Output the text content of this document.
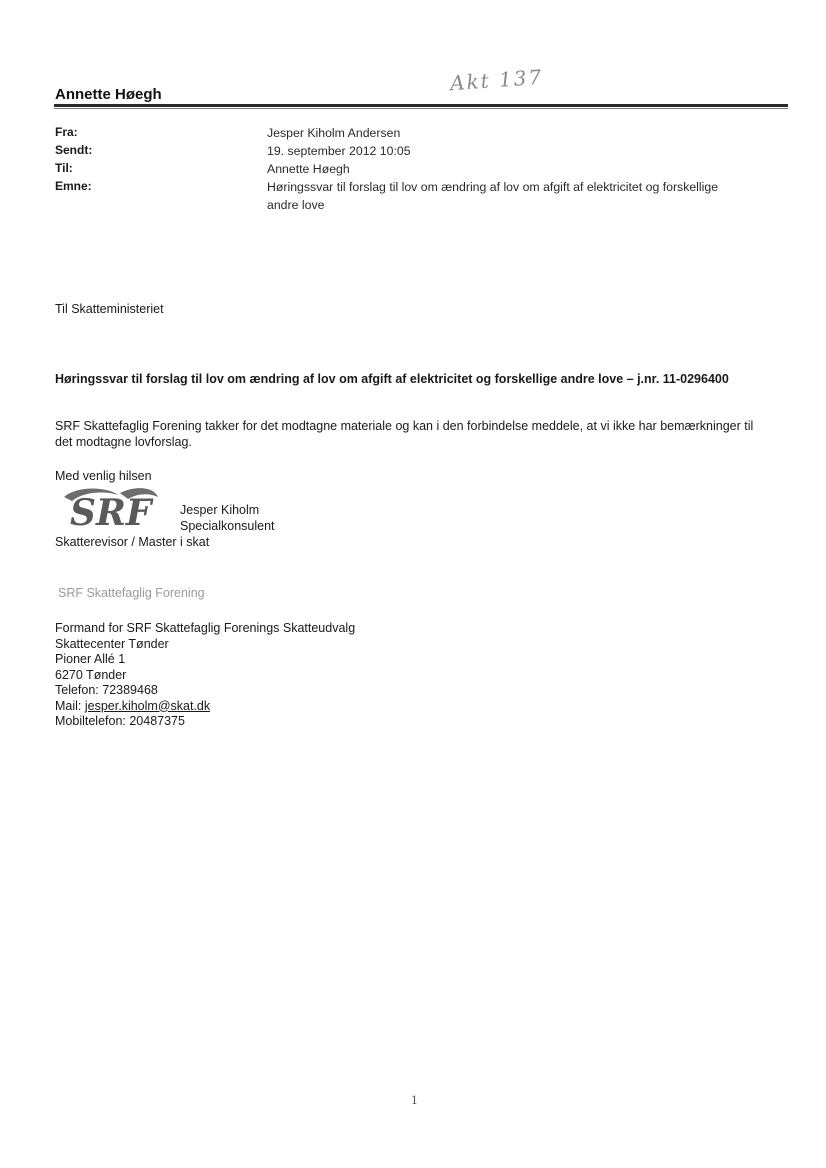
Annette Høegh	Akt 137
Fra:	Jesper Kiholm Andersen
Sendt:	19. september 2012 10:05
Til:	Annette Høegh
Emne:	Høringssvar til forslag til lov om ændring af lov om afgift af elektricitet og forskellige andre love
Til Skatteministeriet
Høringssvar til forslag til lov om ændring af lov om afgift af elektricitet og forskellige andre love – j.nr. 11-0296400
SRF Skattefaglig Forening takker for det modtagne materiale og kan i den forbindelse meddele, at vi ikke har bemærkninger til det modtagne lovforslag.
Med venlig hilsen
SRF Jesper Kiholm
Specialkonsulent
Skatterevisor / Master i skat
SRF Skattefaglig Forening
Formand for SRF Skattefaglig Forenings Skatteudvalg
Skattecenter Tønder
Pioner Allé 1
6270 Tønder
Telefon: 72389468
Mail: jesper.kiholm@skat.dk
Mobiltelefon: 20487375
1
